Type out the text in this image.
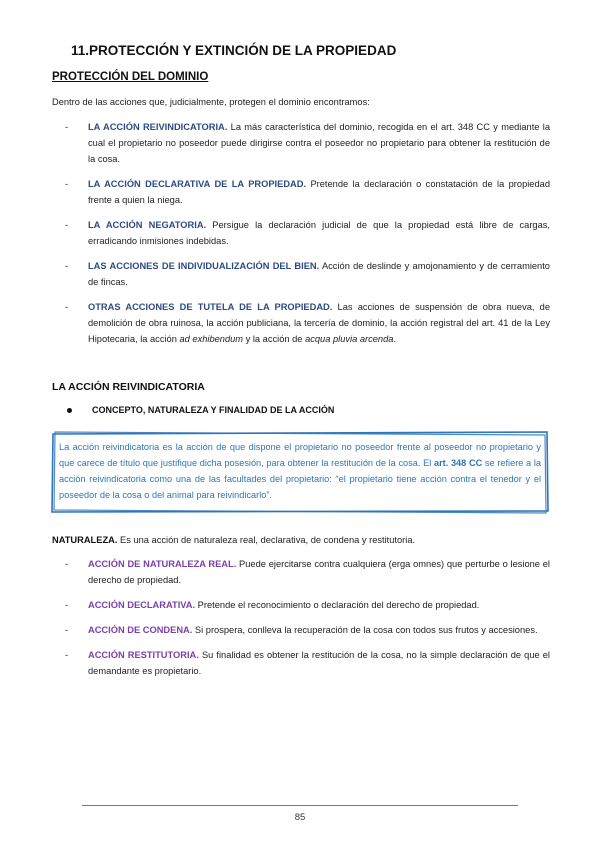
11.PROTECCIÓN Y EXTINCIÓN DE LA PROPIEDAD
PROTECCIÓN DEL DOMINIO
Dentro de las acciones que, judicialmente, protegen el dominio encontramos:
- LA ACCIÓN REIVINDICATORIA. La más característica del dominio, recogida en el art. 348 CC y mediante la cual el propietario no poseedor puede dirigirse contra el poseedor no propietario para obtener la restitución de la cosa.
- LA ACCIÓN DECLARATIVA DE LA PROPIEDAD. Pretende la declaración o constatación de la propiedad frente a quien la niega.
- LA ACCIÓN NEGATORIA. Persigue la declaración judicial de que la propiedad está libre de cargas, erradicando inmisiones indebidas.
- LAS ACCIONES DE INDIVIDUALIZACIÓN DEL BIEN. Acción de deslinde y amojonamiento y de cerramiento de fincas.
- OTRAS ACCIONES DE TUTELA DE LA PROPIEDAD. Las acciones de suspensión de obra nueva, de demolición de obra ruinosa, la acción publiciana, la tercería de dominio, la acción registral del art. 41 de la Ley Hipotecaria, la acción ad exhibendum y la acción de acqua pluvia arcenda.
LA ACCIÓN REIVINDICATORIA
CONCEPTO, NATURALEZA Y FINALIDAD DE LA ACCIÓN
La acción reivindicatoria es la acción de que dispone el propietario no poseedor frente al poseedor no propietario y que carece de título que justifique dicha posesión, para obtener la restitución de la cosa. El art. 348 CC se refiere a la acción reivindicatoria como una de las facultades del propietario: “el propietario tiene acción contra el tenedor y el poseedor de la cosa o del animal para reivindicarlo”.
NATURALEZA. Es una acción de naturaleza real, declarativa, de condena y restitutoria.
- ACCIÓN DE NATURALEZA REAL. Puede ejercitarse contra cualquiera (erga omnes) que perturbe o lesione el derecho de propiedad.
- ACCIÓN DECLARATIVA. Pretende el reconocimiento o declaración del derecho de propiedad.
- ACCIÓN DE CONDENA. Si prospera, conlleva la recuperación de la cosa con todos sus frutos y accesiones.
- ACCIÓN RESTITUTORIA. Su finalidad es obtener la restitución de la cosa, no la simple declaración de que el demandante es propietario.
85
